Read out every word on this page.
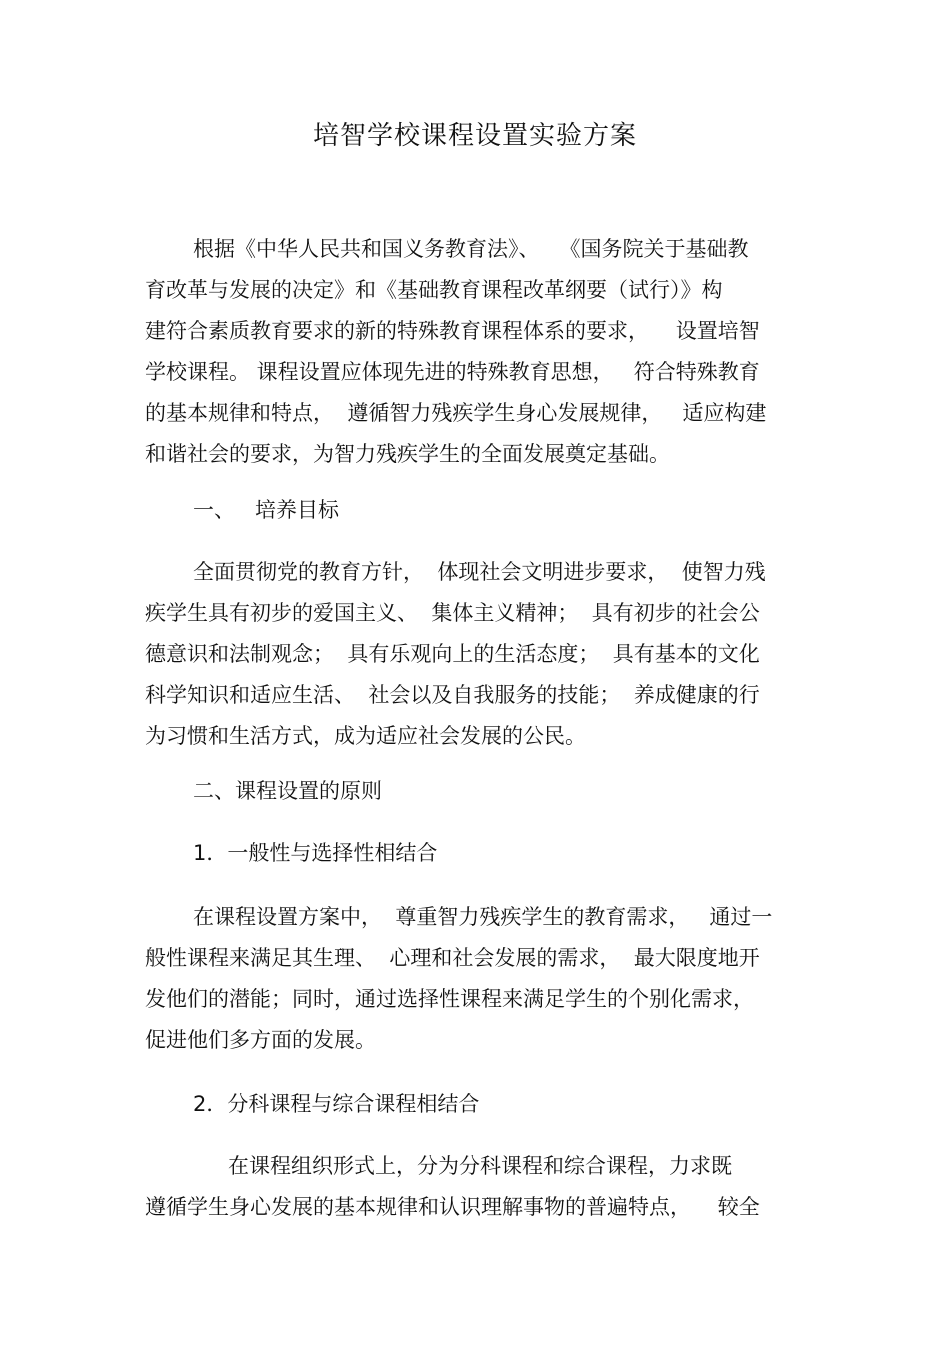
培智学校课程设置实验方案

根据《中华人民共和国义务教育法》、   《国务院关于基础教

育改革与发展的决定》和《基础教育课程改革纲要（试行）》构

建符合素质教育要求的新的特殊教育课程体系的要求，    设置培智

学校课程。 课程设置应体现先进的特殊教育思想，   符合特殊教育

的基本规律和特点，  遵循智力残疾学生身心发展规律，   适应构建

和谐社会的要求，为智力残疾学生的全面发展奠定基础。

一、   培养目标

全面贯彻党的教育方针，  体现社会文明进步要求，  使智力残

疾学生具有初步的爱国主义、  集体主义精神；  具有初步的社会公

德意识和法制观念；  具有乐观向上的生活态度；  具有基本的文化

科学知识和适应生活、  社会以及自我服务的技能；  养成健康的行

为习惯和生活方式，成为适应社会发展的公民。

二、课程设置的原则

1．一般性与选择性相结合

在课程设置方案中，  尊重智力残疾学生的教育需求，   通过一

般性课程来满足其生理、  心理和社会发展的需求，  最大限度地开

发他们的潜能；同时，通过选择性课程来满足学生的个别化需求，

促进他们多方面的发展。

2．分科课程与综合课程相结合

在课程组织形式上，分为分科课程和综合课程，力求既

遵循学生身心发展的基本规律和认识理解事物的普遍特点，    较全
